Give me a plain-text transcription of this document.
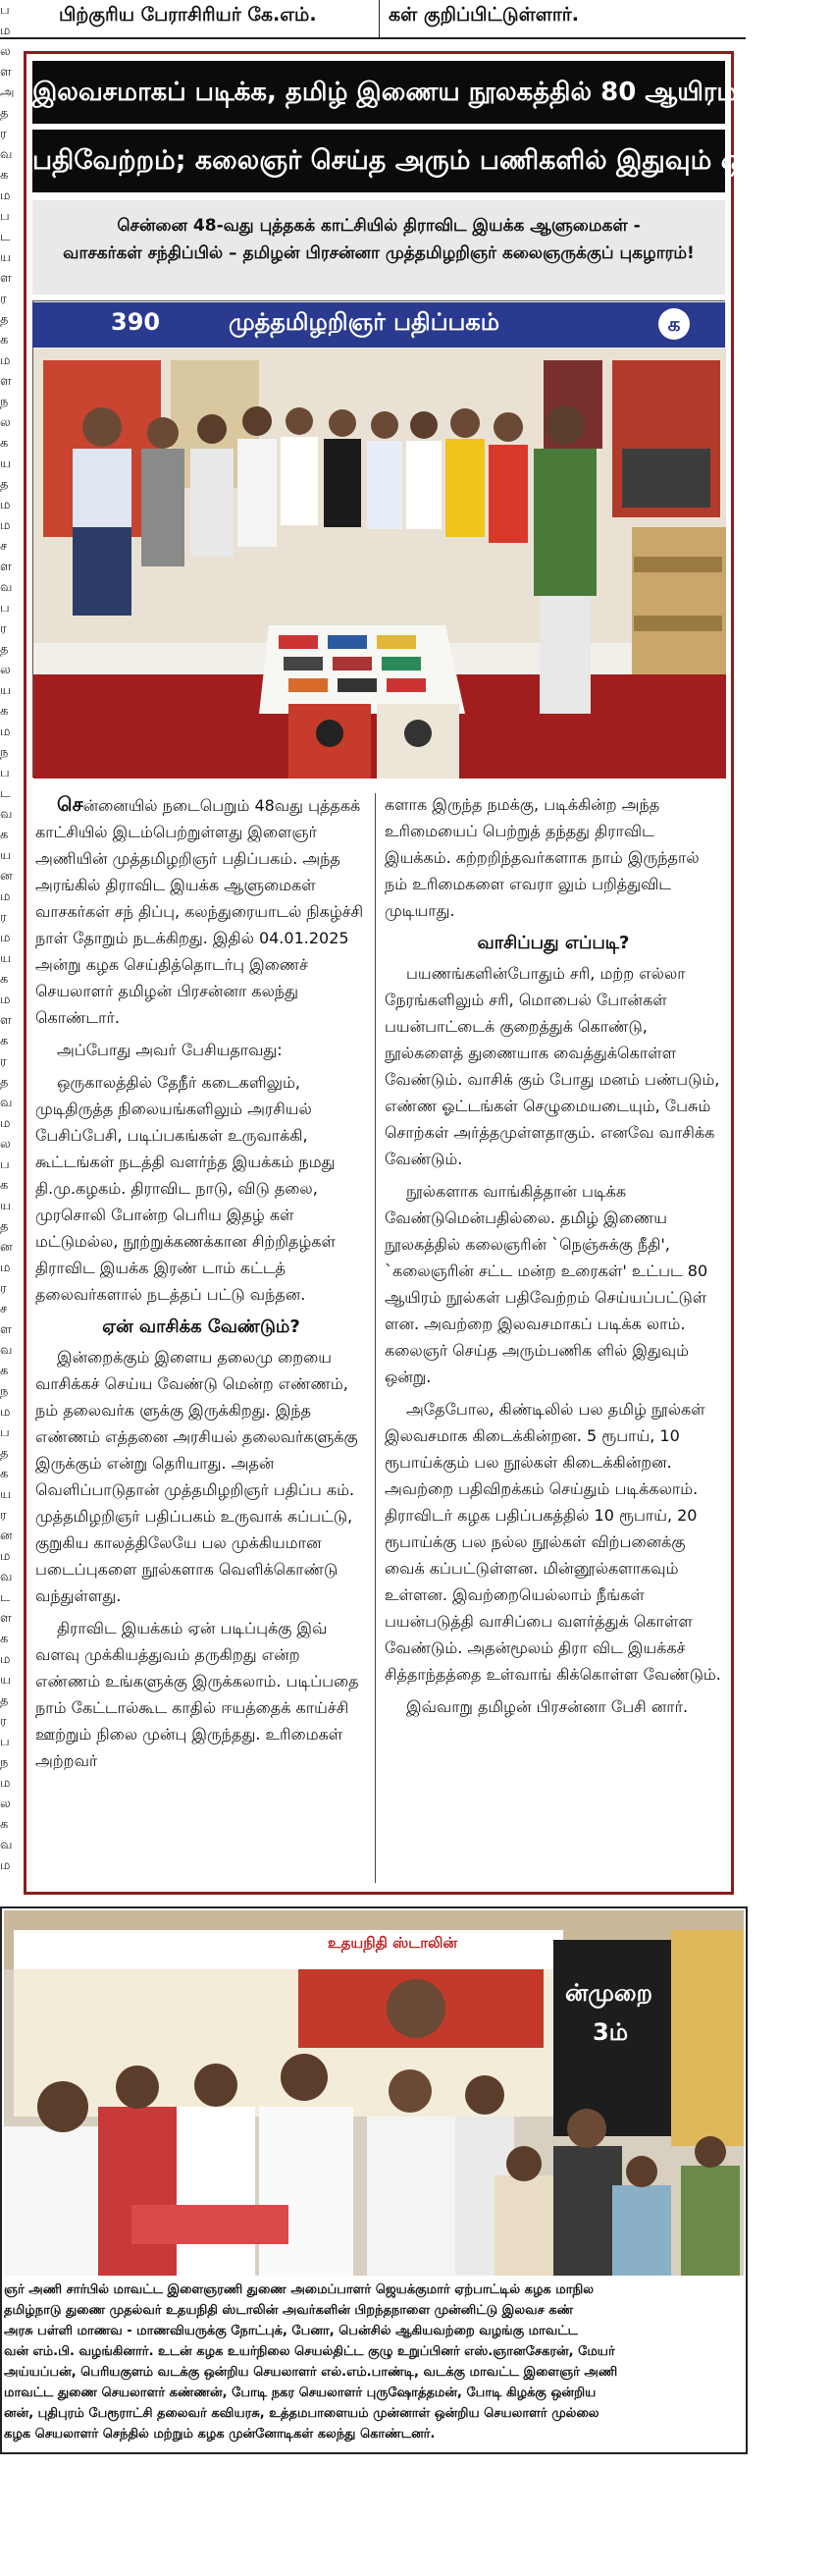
பிற்குரிய பேராசிரியர் கே.எம்.	கள் குறிப்பிட்டுள்ளார்.
ப
ம
ல
ள
அ
த
ர
வ
க
ம
ப
ட
ய
ள
ர
த
க
ம
ள
ந
ல
க
ய
த
ம
ம
ச
ள
வ
ப
ர
த
ல
ய
க
ம
ந
ப
ட
வ
க
ய
ன
ம
ர
ம
ய
க
ம
ள
க
ர
த
வ
ம
ல
ப
க
ய
த
ன
ம
ர
ச
ள
வ
க
ந
ம
ப
த
க
ய
ர
ன
ம
வ
ட
ள
க
ம
ய
த
ர
ப
ந
ம
ல
க
வ
ம
இலவசமாகப் படிக்க, தமிழ் இணைய நூலகத்தில் 80 ஆயிரம் நூல்கள்
பதிவேற்றம்; கலைஞர் செய்த அரும் பணிகளில் இதுவும் ஒன்று!
சென்னை 48-வது புத்தகக் காட்சியில் திராவிட இயக்க ஆளுமைகள் -
வாசகர்கள் சந்திப்பில் – தமிழன் பிரசன்னா முத்தமிழறிஞர் கலைஞருக்குப் புகழாரம்!
390	முத்தமிழறிஞர் பதிப்பகம்	க

சென்னையில் நடைபெறும் 48வது புத்தகக் காட்சியில் இடம்பெற்றுள்ளது இளைஞர் அணியின் முத்தமிழறிஞர் பதிப்பகம். அந்த அரங்கில் திராவிட இயக்க ஆளுமைகள் வாசகர்கள் சந் திப்பு, கலந்துரையாடல் நிகழ்ச்சி நாள் தோறும் நடக்கிறது. இதில் 04.01.2025 அன்று கழக செய்தித்தொடர்பு இணைச் செயலாளர் தமிழன் பிரசன்னா கலந்து கொண்டார்.

அப்போது அவர் பேசியதாவது:

ஒருகாலத்தில் தேநீர் கடைகளிலும், முடிதிருத்த நிலையங்களிலும் அரசியல் பேசிப்பேசி, படிப்பகங்கள் உருவாக்கி, கூட்டங்கள் நடத்தி வளர்ந்த இயக்கம் நமது தி.மு.கழகம். திராவிட நாடு, விடு தலை, முரசொலி போன்ற பெரிய இதழ் கள் மட்டுமல்ல, நூற்றுக்கணக்கான சிற்றிதழ்கள் திராவிட இயக்க இரண் டாம் கட்டத் தலைவர்களால் நடத்தப் பட்டு வந்தன.

ஏன் வாசிக்க வேண்டும்?

இன்றைக்கும் இளைய தலைமு றையை வாசிக்கச் செய்ய வேண்டு மென்ற எண்ணம், நம் தலைவர்க ளுக்கு இருக்கிறது. இந்த எண்ணம் எத்தனை அரசியல் தலைவர்களுக்கு இருக்கும் என்று தெரியாது. அதன் வெளிப்பாடுதான் முத்தமிழறிஞர் பதிப்ப கம். முத்தமிழறிஞர் பதிப்பகம் உருவாக் கப்பட்டு, குறுகிய காலத்திலேயே பல முக்கியமான படைப்புகளை நூல்களாக வெளிக்கொண்டு வந்துள்ளது.

திராவிட இயக்கம் ஏன் படிப்புக்கு இவ் வளவு முக்கியத்துவம் தருகிறது என்ற எண்ணம் உங்களுக்கு இருக்கலாம். படிப்பதை நாம் கேட்டால்கூட காதில் ஈயத்தைக் காய்ச்சி ஊற்றும் நிலை முன்பு இருந்தது. உரிமைகள் அற்றவர்

களாக இருந்த நமக்கு, படிக்கின்ற அந்த உரிமையைப் பெற்றுத் தந்தது திராவிட இயக்கம். கற்றறிந்தவர்களாக நாம் இருந்தால் நம் உரிமைகளை எவரா லும் பறித்துவிட முடியாது.

வாசிப்பது எப்படி?

பயணங்களின்போதும் சரி, மற்ற எல்லா நேரங்களிலும் சரி, மொபைல் போன்கள் பயன்பாட்டைக் குறைத்துக் கொண்டு, நூல்களைத் துணையாக வைத்துக்கொள்ள வேண்டும். வாசிக் கும் போது மனம் பண்படும், எண்ண ஓட்டங்கள் செழுமையடையும், பேசும் சொற்கள் அர்த்தமுள்ளதாகும். எனவே வாசிக்க வேண்டும்.

நூல்களாக வாங்கித்தான் படிக்க வேண்டுமென்பதில்லை. தமிழ் இணைய நூலகத்தில் கலைஞரின் `நெஞ்சுக்கு நீதி', `கலைஞரின் சட்ட மன்ற உரைகள்' உட்பட 80 ஆயிரம் நூல்கள் பதிவேற்றம் செய்யப்பட்டுள் ளன. அவற்றை இலவசமாகப் படிக்க லாம். கலைஞர் செய்த அரும்பணிக ளில் இதுவும் ஒன்று.

அதேபோல, கிண்டிலில் பல தமிழ் நூல்கள் இலவசமாக கிடைக்கின்றன. 5 ரூபாய், 10 ரூபாய்க்கும் பல நூல்கள் கிடைக்கின்றன. அவற்றை பதிவிறக்கம் செய்தும் படிக்கலாம். திராவிடர் கழக பதிப்பகத்தில் 10 ரூபாய், 20 ரூபாய்க்கு பல நல்ல நூல்கள் விற்பனைக்கு வைக் கப்பட்டுள்ளன. மின்னூல்களாகவும் உள்ளன. இவற்றையெல்லாம் நீங்கள் பயன்படுத்தி வாசிப்பை வளர்த்துக் கொள்ள வேண்டும். அதன்மூலம் திரா விட இயக்கச் சித்தாந்தத்தை உள்வாங் கிக்கொள்ள வேண்டும்.

இவ்வாறு தமிழன் பிரசன்னா பேசி னார்.

உதயநிதி ஸ்டாலின்
ன்முறை
3ம்
ஞர் அணி சார்பில் மாவட்ட இளைஞரணி துணை அமைப்பாளர் ஜெயக்குமார் ஏற்பாட்டில் கழக மாநில
தமிழ்நாடு துணை முதல்வர் உதயநிதி ஸ்டாலின் அவர்களின் பிறந்தநாளை முன்னிட்டு இலவச கண்
அரசு பள்ளி மாணவ - மாணவியருக்கு நோட்புக், பேனா, பென்சில் ஆகியவற்றை வழங்கு மாவட்ட
வன் எம்.பி. வழங்கினார். உடன் கழக உயர்நிலை செயல்திட்ட குழு உறுப்பினர் எஸ்.ஞானசேகரன், மேயர்
அய்யப்பன், பெரியகுளம் வடக்கு ஒன்றிய செயலாளர் எல்.எம்.பாண்டி, வடக்கு மாவட்ட இளைஞர் அணி
மாவட்ட துணை செயலாளர் கண்ணன், போடி நகர செயலாளர் புருஷோத்தமன், போடி கிழக்கு ஒன்றிய
னன், புதிபுரம் பேரூராட்சி தலைவர் கவியரசு, உத்தமபாளையம் முன்னாள் ஒன்றிய செயலாளர் முல்லை
கழக செயலாளர் செந்தில் மற்றும் கழக முன்னோடிகள் கலந்து கொண்டனர்.
